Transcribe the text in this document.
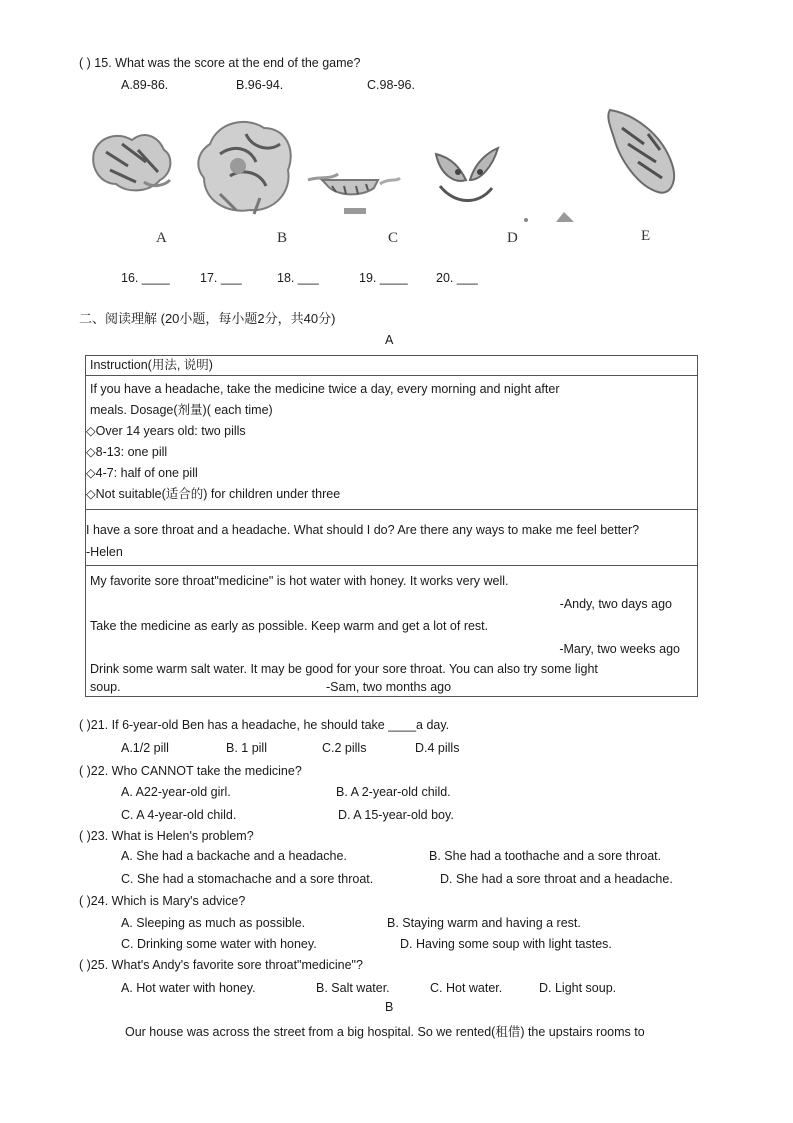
( ) 15. What was the score at the end of the game?
A.89-86.	B.96-94.	C.98-96.
A	B	C	D	E
16. ____ 17. ___	18. ___	19. ____ 20. ___
二、阅读理解 (20小题，每小题2分，共40分)
A
Instruction(用法, 说明)

If you have a headache, take the medicine twice a day, every morning and night after
meals. Dosage(剂量)( each time)
◇Over 14 years old: two pills
◇8-13: one pill
◇4-7: half of one pill
◇Not suitable(适合的) for children under three

I have a sore throat and a headache. What should I do? Are there any ways to make me feel better?
-Helen

My favorite sore throat"medicine" is hot water with honey. It works very well.
-Andy, two days ago
Take the medicine as early as possible. Keep warm and get a lot of rest.
-Mary, two weeks ago
Drink some warm salt water. It may be good for your sore throat. You can also try some light
soup.	-Sam, two months ago
( )21. If 6-year-old Ben has a headache, he should take ____a day.
A.1/2 pill	B. 1 pill	C.2 pills	D.4 pills
( )22. Who CANNOT take the medicine?
A. A22-year-old girl.	B. A 2-year-old child.
C. A 4-year-old child.	D. A 15-year-old boy.
( )23. What is Helen's problem?
A. She had a backache and a headache.	B. She had a toothache and a sore throat.
C. She had a stomachache and a sore throat.	D. She had a sore throat and a headache.
( )24. Which is Mary's advice?
A. Sleeping as much as possible.	B. Staying warm and having a rest.
C. Drinking some water with honey.	D. Having some soup with light tastes.
( )25. What's Andy's favorite sore throat"medicine"?
A. Hot water with honey.	B. Salt water.	C. Hot water.	D. Light soup.
B
Our house was across the street from a big hospital. So we rented(租借) the upstairs rooms to
